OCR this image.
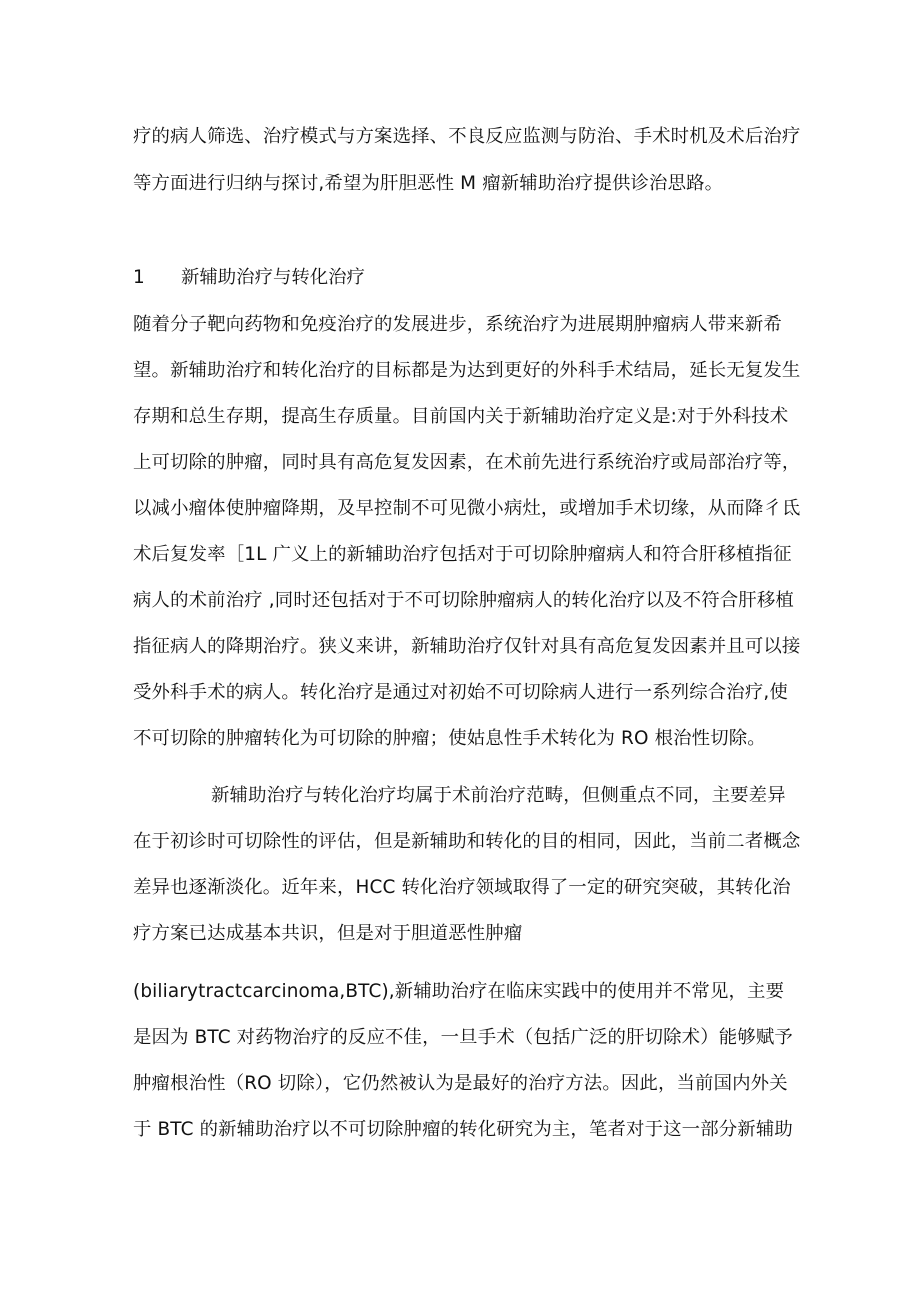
疗的病人筛选、治疗模式与方案选择、不良反应监测与防治、手术时机及术后治疗
等方面进行归纳与探讨,希望为肝胆恶性 M 瘤新辅助治疗提供诊治思路。
1 新辅助治疗与转化治疗
随着分子靶向药物和免疫治疗的发展进步，系统治疗为进展期肿瘤病人带来新希
望。新辅助治疗和转化治疗的目标都是为达到更好的外科手术结局，延长无复发生
存期和总生存期，提高生存质量。目前国内关于新辅助治疗定义是:对于外科技术
上可切除的肿瘤，同时具有高危复发因素，在术前先进行系统治疗或局部治疗等，
以减小瘤体使肿瘤降期，及早控制不可见微小病灶，或增加手术切缘，从而降彳氐
术后复发率［1L 广义上的新辅助治疗包括对于可切除肿瘤病人和符合肝移植指征
病人的术前治疗 ,同时还包括对于不可切除肿瘤病人的转化治疗以及不符合肝移植
指征病人的降期治疗。狭义来讲，新辅助治疗仅针对具有高危复发因素并且可以接
受外科手术的病人。转化治疗是通过对初始不可切除病人进行一系列综合治疗,使
不可切除的肿瘤转化为可切除的肿瘤；使姑息性手术转化为 RO 根治性切除。
新辅助治疗与转化治疗均属于术前治疗范畴，但侧重点不同，主要差异
在于初诊时可切除性的评估，但是新辅助和转化的目的相同，因此，当前二者概念
差异也逐渐淡化。近年来，HCC 转化治疗领域取得了一定的研究突破，其转化治
疗方案已达成基本共识，但是对于胆道恶性肿瘤
(biliarytractcarcinoma,BTC),新辅助治疗在临床实践中的使用并不常见，主要
是因为 BTC 对药物治疗的反应不佳，一旦手术（包括广泛的肝切除术）能够赋予
肿瘤根治性（RO 切除），它仍然被认为是最好的治疗方法。因此，当前国内外关
于 BTC 的新辅助治疗以不可切除肿瘤的转化研究为主，笔者对于这一部分新辅助
